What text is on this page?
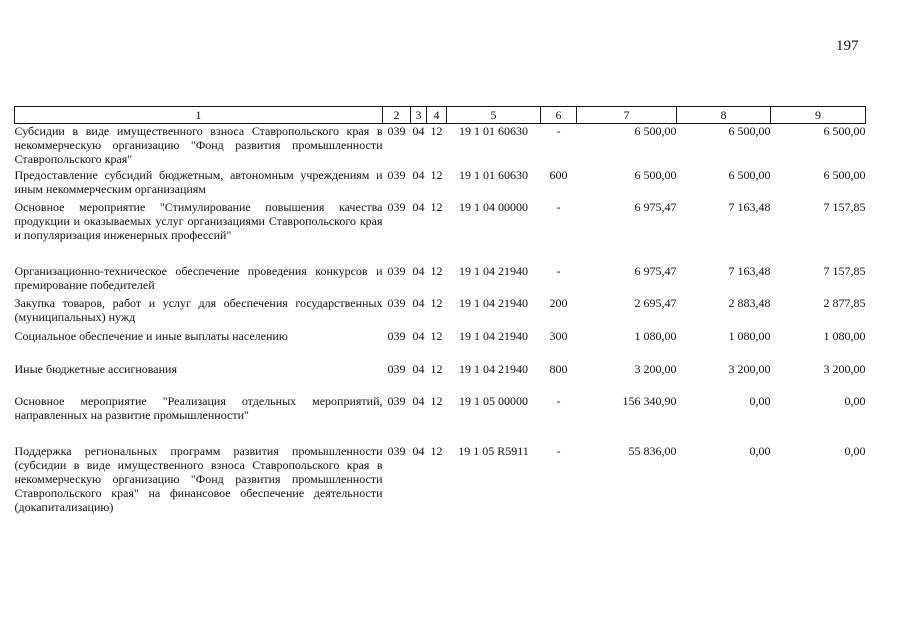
197
1	2	3	4	5	6	7	8	9
Субсидии в виде имущественного взноса Ставропольского края в некоммерческую организацию "Фонд развития промышленности Ставропольского края"	039	04	12	19 1 01 60630	-	6 500,00	6 500,00	6 500,00
Предоставление субсидий бюджетным, автономным учреждениям и иным некоммерческим организациям	039	04	12	19 1 01 60630	600	6 500,00	6 500,00	6 500,00
Основное мероприятие "Стимулирование повышения качества продукции и оказываемых услуг организациями Ставропольского края и популяризация инженерных профессий"	039	04	12	19 1 04 00000	-	6 975,47	7 163,48	7 157,85
Организационно-техническое обеспечение проведения конкурсов и премирование победителей	039	04	12	19 1 04 21940	-	6 975,47	7 163,48	7 157,85
Закупка товаров, работ и услуг для обеспечения государственных (муниципальных) нужд	039	04	12	19 1 04 21940	200	2 695,47	2 883,48	2 877,85
Социальное обеспечение и иные выплаты населению	039	04	12	19 1 04 21940	300	1 080,00	1 080,00	1 080,00
Иные бюджетные ассигнования	039	04	12	19 1 04 21940	800	3 200,00	3 200,00	3 200,00
Основное мероприятие "Реализация отдельных мероприятий, направленных на развитие промышленности"	039	04	12	19 1 05 00000	-	156 340,90	0,00	0,00
Поддержка региональных программ развития промышленности (субсидии в виде имущественного взноса Ставропольского края в некоммерческую организацию "Фонд развития промышленности Ставропольского края" на финансовое обеспечение деятельности (докапитализацию)	039	04	12	19 1 05 R5911	-	55 836,00	0,00	0,00
